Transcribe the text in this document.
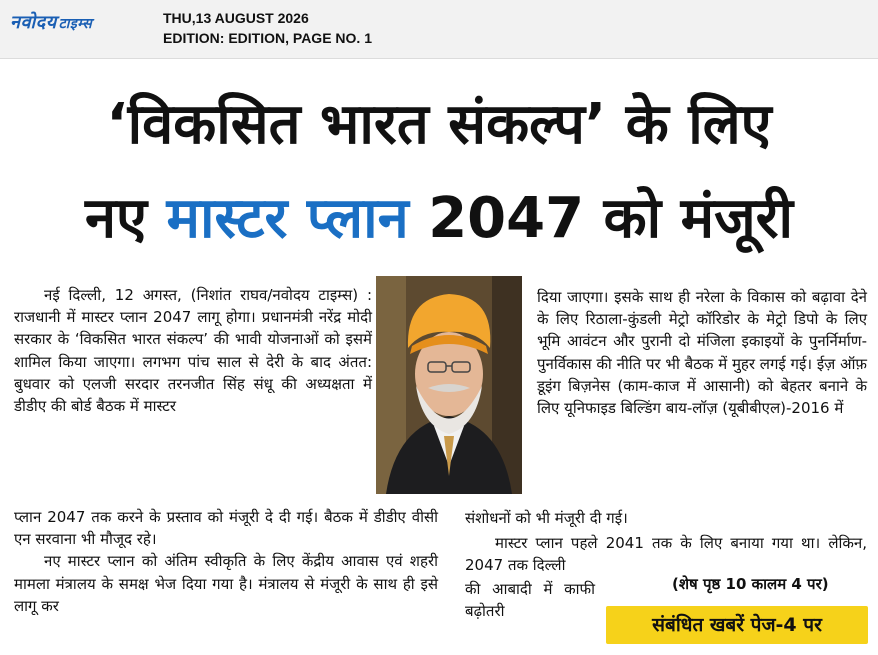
नवोदय टाइम्स	THU,13 AUGUST 2026
EDITION: EDITION, PAGE NO. 1
‘विकसित भारत संकल्प’ के लिए
नए मास्टर प्लान 2047 को मंजूरी

नई दिल्ली, 12 अगस्त, (निशांत राघव/नवोदय टाइम्स) : राजधानी में मास्टर प्लान 2047 लागू होगा। प्रधानमंत्री नरेंद्र मोदी सरकार के ‘विकसित भारत संकल्प’ की भावी योजनाओं को इसमें शामिल किया जाएगा। लगभग पांच साल से देरी के बाद अंतत: बुधवार को एलजी सरदार तरनजीत सिंह संधू की अध्यक्षता में डीडीए की बोर्ड बैठक में मास्टर

प्लान 2047 तक करने के प्रस्ताव को मंजूरी दे दी गई। बैठक में डीडीए वीसी एन सरवाना भी मौजूद रहे।

नए मास्टर प्लान को अंतिम स्वीकृति के लिए केंद्रीय आवास एवं शहरी मामला मंत्रालय के समक्ष भेज दिया गया है। मंत्रालय से मंजूरी के साथ ही इसे लागू कर

दिया जाएगा। इसके साथ ही नरेला के विकास को बढ़ावा देने के लिए रिठाला-कुंडली मेट्रो कॉरिडोर के मेट्रो डिपो के लिए भूमि आवंटन और पुरानी दो मंजिला इकाइयों के पुनर्निर्माण-पुनर्विकास की नीति पर भी बैठक में मुहर लगई गई। ईज़ ऑफ़ डूइंग बिज़नेस (काम-काज में आसानी) को बेहतर बनाने के लिए यूनिफाइड बिल्डिंग बाय-लॉज़ (यूबीबीएल)-2016 में

संशोधनों को भी मंजूरी दी गई।

मास्टर प्लान पहले 2041 तक के लिए बनाया गया था। लेकिन, 2047 तक दिल्ली

की आबादी में काफी बढ़ोतरी

(शेष पृष्ठ 10 कालम 4 पर)
संबंधित खबरें पेज-4 पर
